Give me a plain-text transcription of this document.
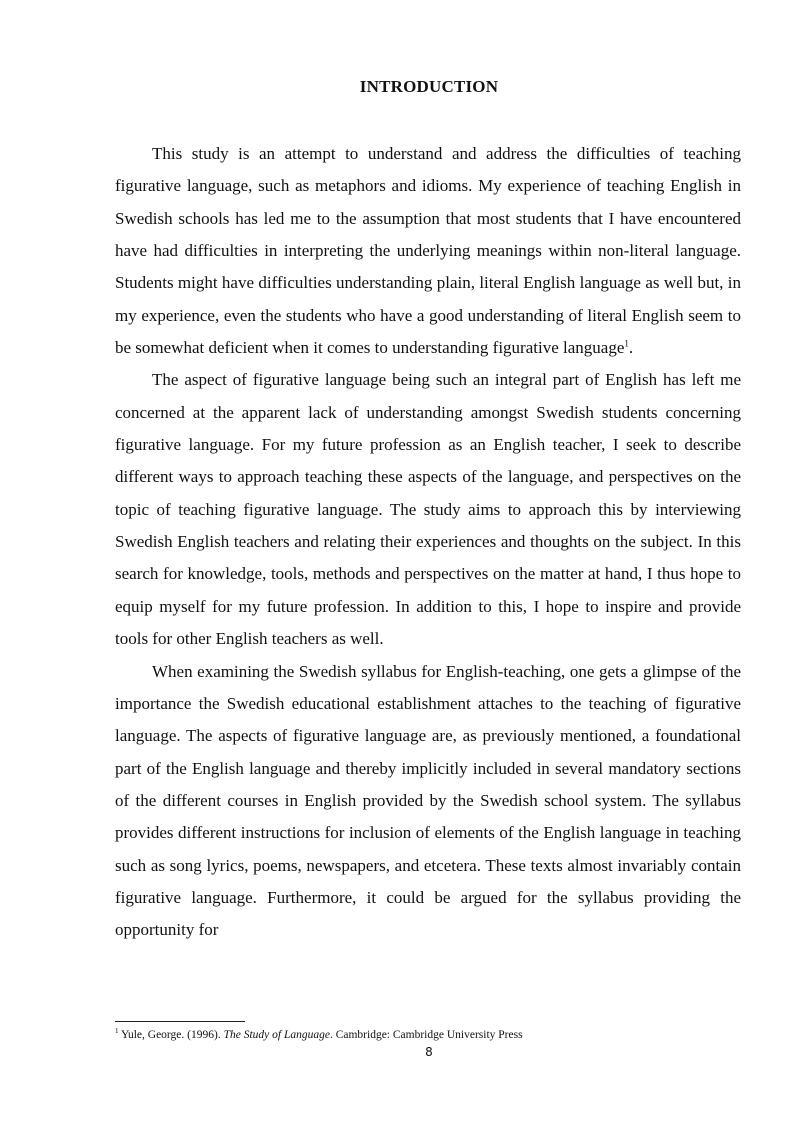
INTRODUCTION

This study is an attempt to understand and address the difficulties of teaching figurative language, such as metaphors and idioms. My experience of teaching English in Swedish schools has led me to the assumption that most students that I have encountered have had difficulties in interpreting the underlying meanings within non-literal language. Students might have difficulties understanding plain, literal English language as well but, in my experience, even the students who have a good understanding of literal English seem to be somewhat deficient when it comes to understanding figurative language$^1$.

The aspect of figurative language being such an integral part of English has left me concerned at the apparent lack of understanding amongst Swedish students concerning figurative language. For my future profession as an English teacher, I seek to describe different ways to approach teaching these aspects of the language, and perspectives on the topic of teaching figurative language. The study aims to approach this by interviewing Swedish English teachers and relating their experiences and thoughts on the subject. In this search for knowledge, tools, methods and perspectives on the matter at hand, I thus hope to equip myself for my future profession. In addition to this, I hope to inspire and provide tools for other English teachers as well.

When examining the Swedish syllabus for English-teaching, one gets a glimpse of the importance the Swedish educational establishment attaches to the teaching of figurative language. The aspects of figurative language are, as previously mentioned, a foundational part of the English language and thereby implicitly included in several mandatory sections of the different courses in English provided by the Swedish school system. The syllabus provides different instructions for inclusion of elements of the English language in teaching such as song lyrics, poems, newspapers, and etcetera. These texts almost invariably contain figurative language. Furthermore, it could be argued for the syllabus providing the opportunity for

$^1$ Yule, George. (1996). The Study of Language. Cambridge: Cambridge University Press
8
